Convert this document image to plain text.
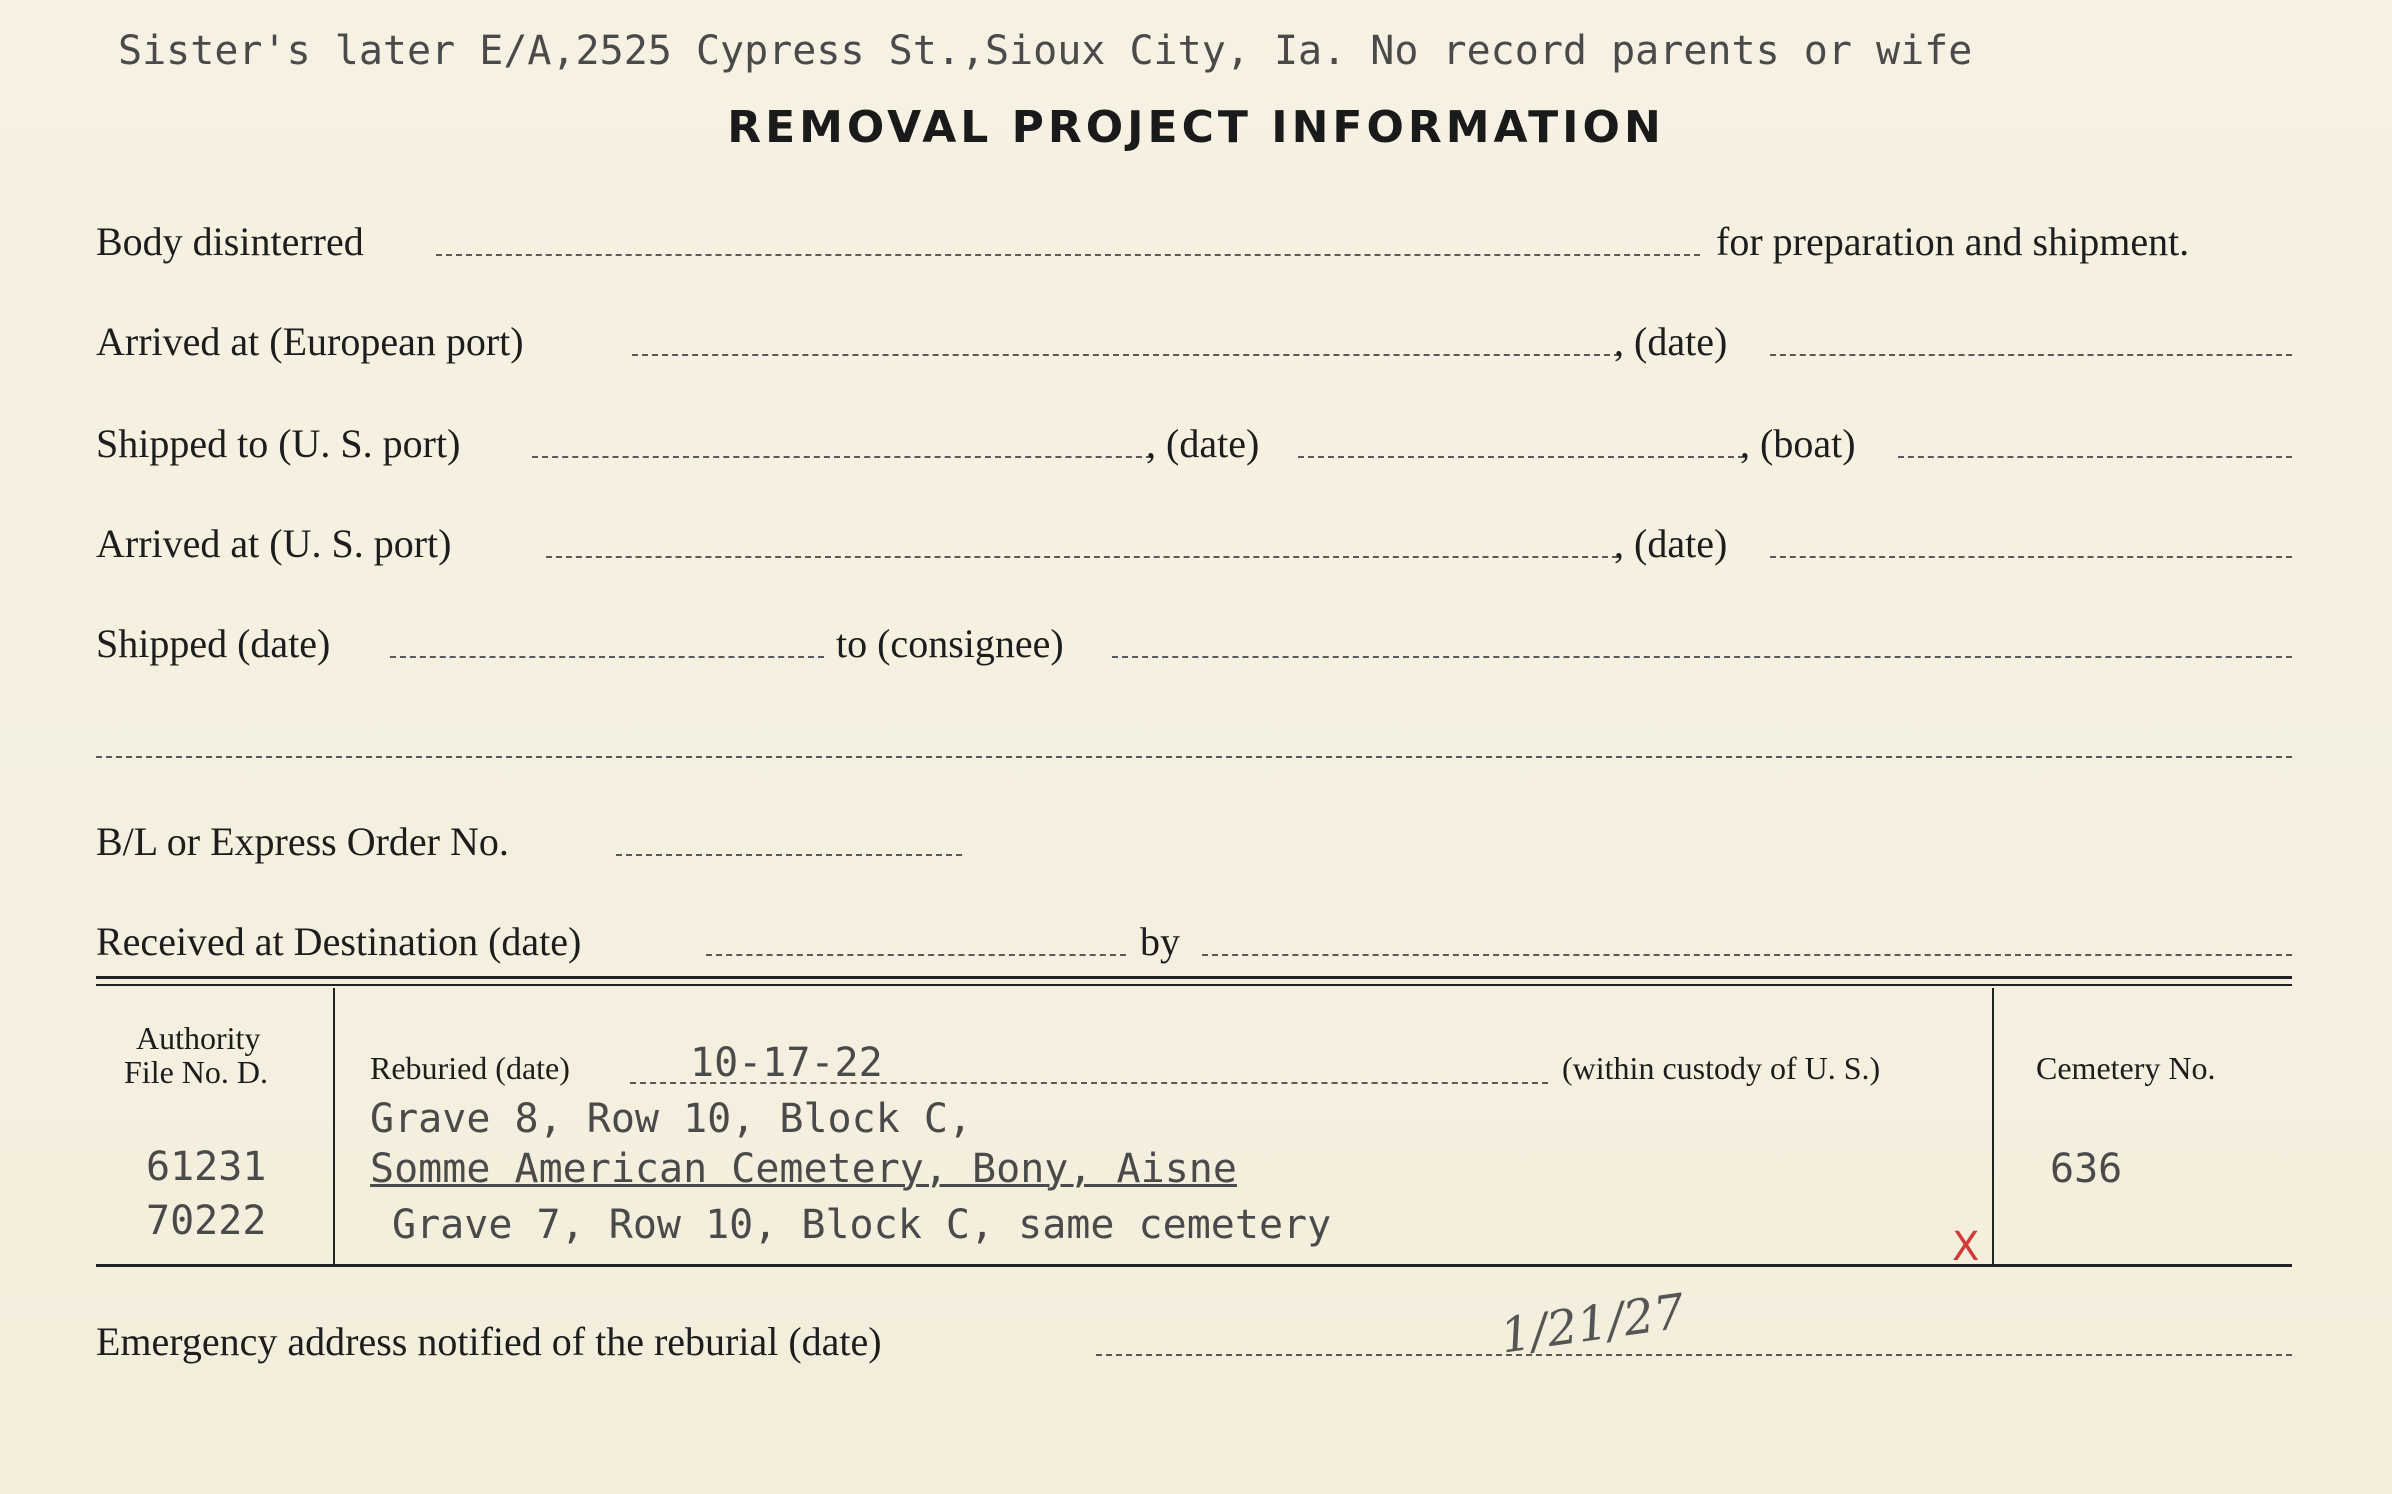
Sister's later E/A,2525 Cypress St.,Sioux City, Ia. No record parents or wife
REMOVAL PROJECT INFORMATION
Body disinterred	for preparation and shipment.
Arrived at (European port)	, (date)
Shipped to (U. S. port)	, (date)	, (boat)
Arrived at (U. S. port)	, (date)
Shipped (date)	to (consignee)
B/L or Express Order No.
Received at Destination (date)	by
Authority
File No. D.
61231
70222
Reburied (date)	10-17-22	(within custody of U. S.)
Grave 8, Row 10, Block C,
Somme American Cemetery, Bony, Aisne
Grave 7, Row 10, Block C, same cemetery	X
Cemetery No.
636
Emergency address notified of the reburial (date)	1/21/27
